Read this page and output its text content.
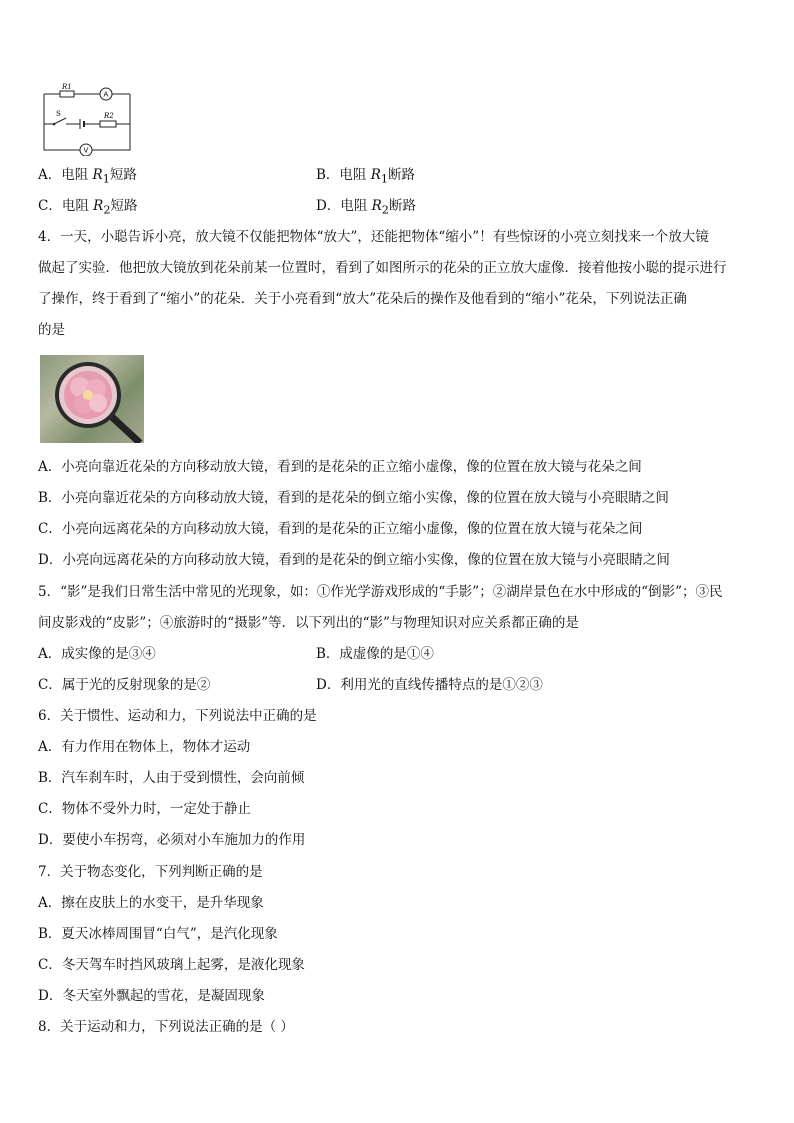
R1
A
S	R2
V
A．电阻 $R_1$短路	B．电阻 $R_1$断路
C．电阻 $R_2$短路	D．电阻 $R_2$断路
4．一天，小聪告诉小亮，放大镜不仅能把物体“放大”，还能把物体“缩小”！有些惊讶的小亮立刻找来一个放大镜
做起了实验．他把放大镜放到花朵前某一位置时，看到了如图所示的花朵的正立放大虚像．接着他按小聪的提示进行
了操作，终于看到了“缩小”的花朵．关于小亮看到“放大”花朵后的操作及他看到的“缩小”花朵，下列说法正确
的是
A．小亮向靠近花朵的方向移动放大镜，看到的是花朵的正立缩小虚像，像的位置在放大镜与花朵之间
B．小亮向靠近花朵的方向移动放大镜，看到的是花朵的倒立缩小实像，像的位置在放大镜与小亮眼睛之间
C．小亮向远离花朵的方向移动放大镜，看到的是花朵的正立缩小虚像，像的位置在放大镜与花朵之间
D．小亮向远离花朵的方向移动放大镜，看到的是花朵的倒立缩小实像，像的位置在放大镜与小亮眼睛之间
5．“影”是我们日常生活中常见的光现象，如：①作光学游戏形成的“手影”；②湖岸景色在水中形成的“倒影”；③民
间皮影戏的“皮影”；④旅游时的“摄影”等．以下列出的“影”与物理知识对应关系都正确的是
A．成实像的是③④	B．成虚像的是①④
C．属于光的反射现象的是②	D．利用光的直线传播特点的是①②③
6．关于惯性、运动和力，下列说法中正确的是
A．有力作用在物体上，物体才运动
B．汽车刹车时，人由于受到惯性，会向前倾
C．物体不受外力时，一定处于静止
D．要使小车拐弯，必须对小车施加力的作用
7．关于物态变化，下列判断正确的是
A．擦在皮肤上的水变干，是升华现象
B．夏天冰棒周围冒“白气”，是汽化现象
C．冬天驾车时挡风玻璃上起雾，是液化现象
D．冬天室外飘起的雪花，是凝固现象
8．关于运动和力，下列说法正确的是（ ）
